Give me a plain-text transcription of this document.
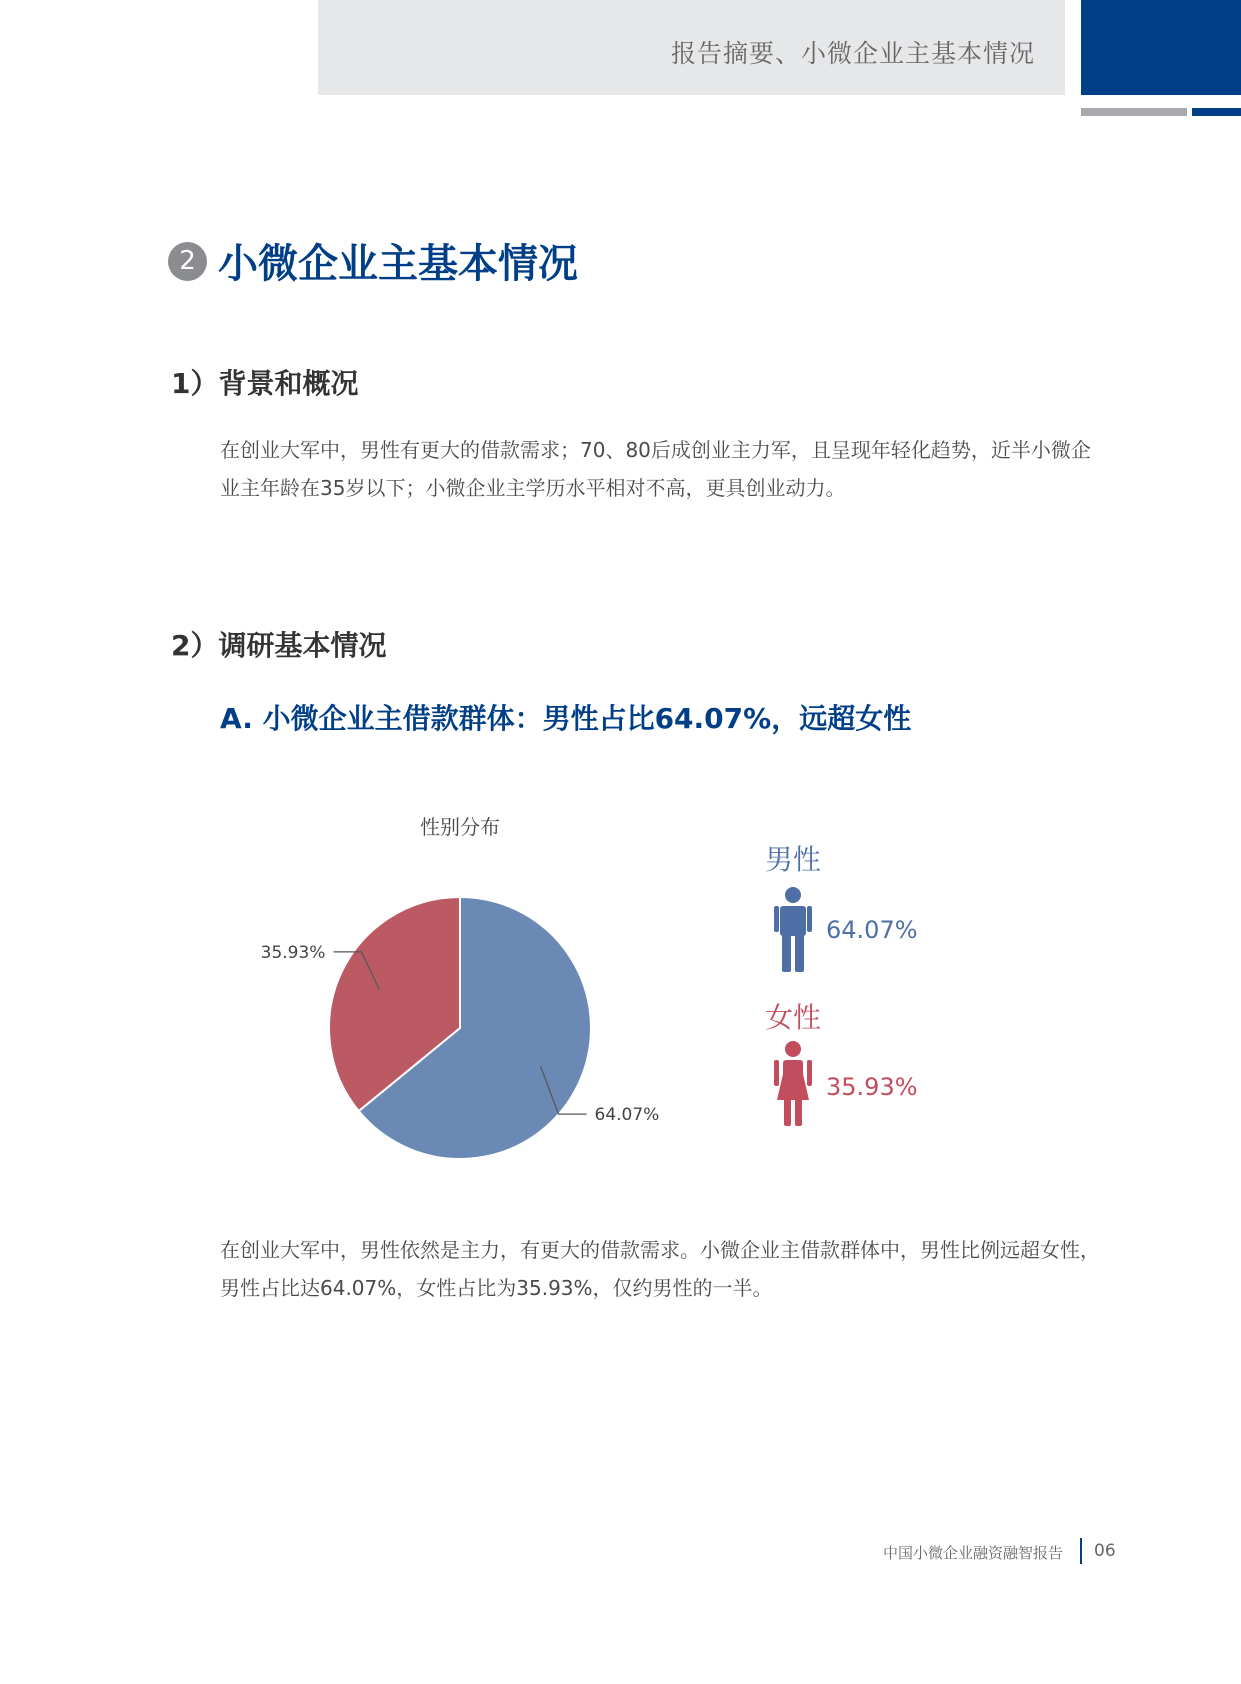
报告摘要、小微企业主基本情况
2 小微企业主基本情况
1）背景和概况
在创业大军中，男性有更大的借款需求；70、80后成创业主力军，且呈现年轻化趋势，近半小微企业主年龄在35岁以下；小微企业主学历水平相对不高，更具创业动力。
2）调研基本情况
A. 小微企业主借款群体：男性占比64.07%，远超女性
性别分布
64.07%
35.93%
男性
64.07%
女性
35.93%
在创业大军中，男性依然是主力，有更大的借款需求。小微企业主借款群体中，男性比例远超女性，男性占比达64.07%，女性占比为35.93%，仅约男性的一半。
中国小微企业融资融智报告 06
